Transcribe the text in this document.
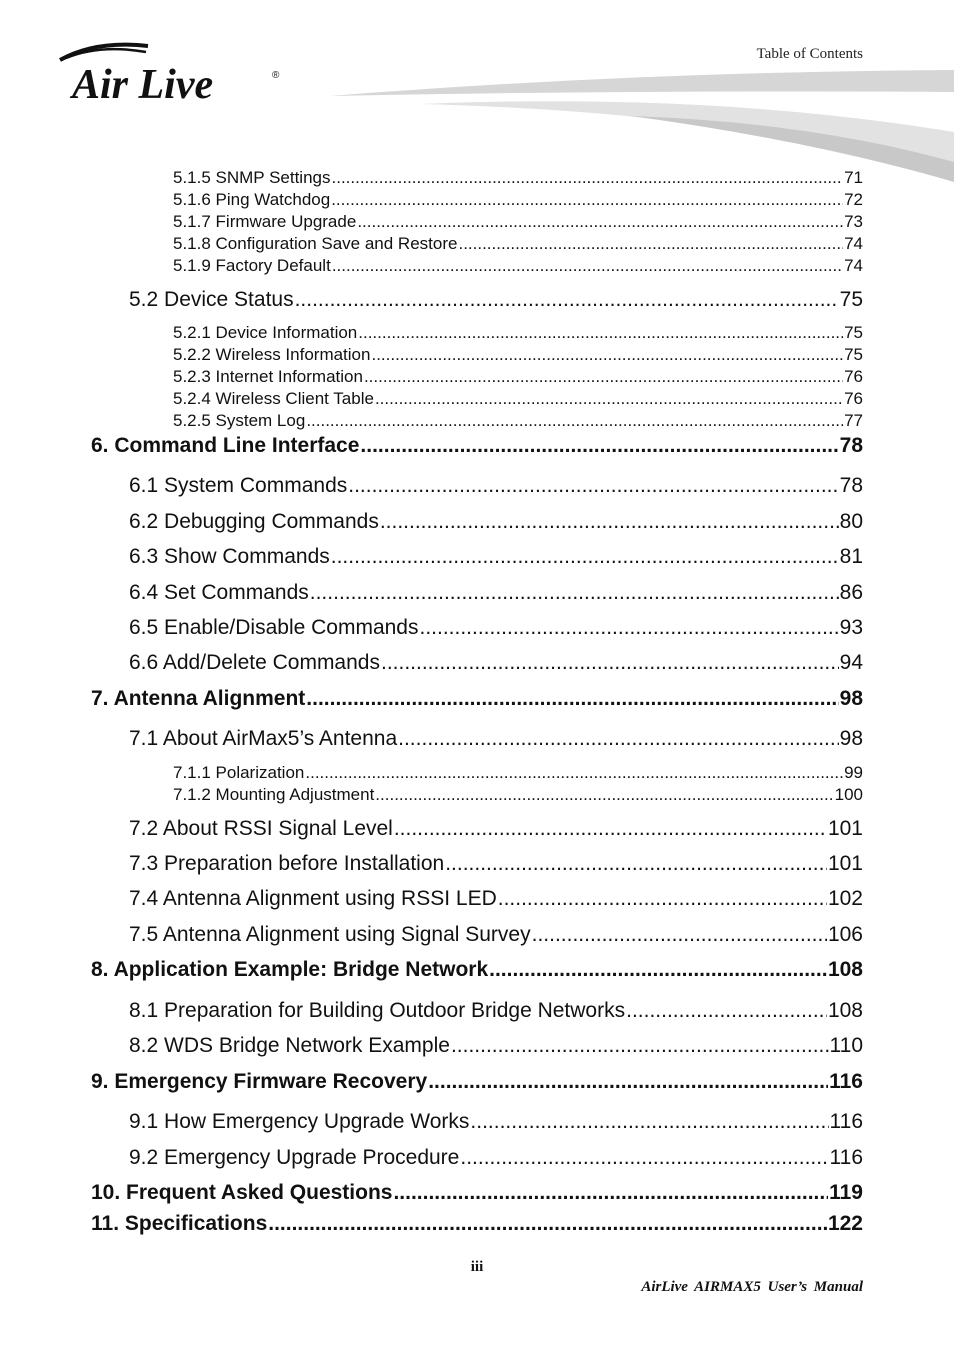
Air Live	®
Table of Contents
5.1.5 SNMP Settings .....	71
5.1.6 Ping Watchdog .....	72
5.1.7 Firmware Upgrade .....	73
5.1.8 Configuration Save and Restore .....	74
5.1.9 Factory Default .....	74
5.2 Device Status .....	75
5.2.1 Device Information .....	75
5.2.2 Wireless Information .....	75
5.2.3 Internet Information .....	76
5.2.4 Wireless Client Table .....	76
5.2.5 System Log .....	77
6. Command Line Interface .....	78
6.1 System Commands .....	78
6.2 Debugging Commands .....	80
6.3 Show Commands .....	81
6.4 Set Commands .....	86
6.5 Enable/Disable Commands .....	93
6.6 Add/Delete Commands .....	94
7. Antenna Alignment .....	98
7.1 About AirMax5’s Antenna .....	98
7.1.1 Polarization .....	99
7.1.2 Mounting Adjustment .....	100
7.2 About RSSI Signal Level .....	101
7.3 Preparation before Installation .....	101
7.4 Antenna Alignment using RSSI LED .....	102
7.5 Antenna Alignment using Signal Survey .....	106
8. Application Example: Bridge Network .....	108
8.1 Preparation for Building Outdoor Bridge Networks .....	108
8.2 WDS Bridge Network Example .....	110
9. Emergency Firmware Recovery .....	116
9.1 How Emergency Upgrade Works .....	116
9.2 Emergency Upgrade Procedure .....	116
10. Frequent Asked Questions .....	119
11. Specifications .....	122
iii
AirLive AIRMAX5 User’s Manual
